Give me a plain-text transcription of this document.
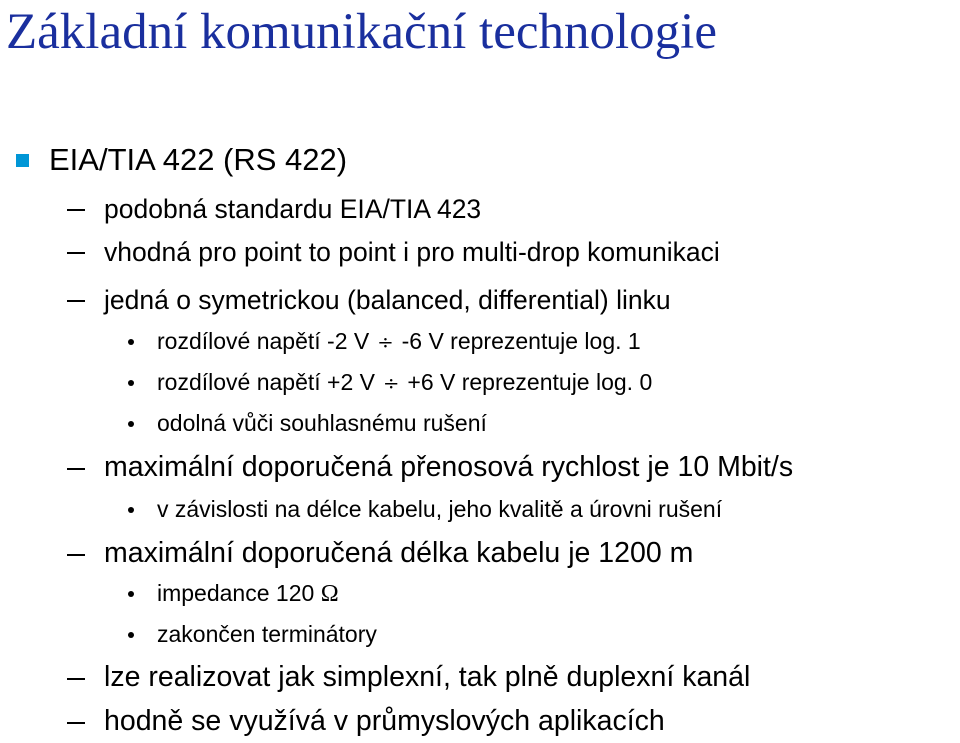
Základní komunikační technologie
EIA/TIA 422 (RS 422)
podobná standardu EIA/TIA 423
vhodná pro point to point i pro multi-drop komunikaci
jedná o symetrickou (balanced, differential) linku
rozdílové napětí -2 V ÷ -6 V reprezentuje log. 1
rozdílové napětí +2 V ÷ +6 V reprezentuje log. 0
odolná vůči souhlasnému rušení
maximální doporučená přenosová rychlost je 10 Mbit/s
v závislosti na délce kabelu, jeho kvalitě a úrovni rušení
maximální doporučená délka kabelu je 1200 m
impedance 120 Ω
zakončen terminátory
lze realizovat jak simplexní, tak plně duplexní kanál
hodně se využívá v průmyslových aplikacích
